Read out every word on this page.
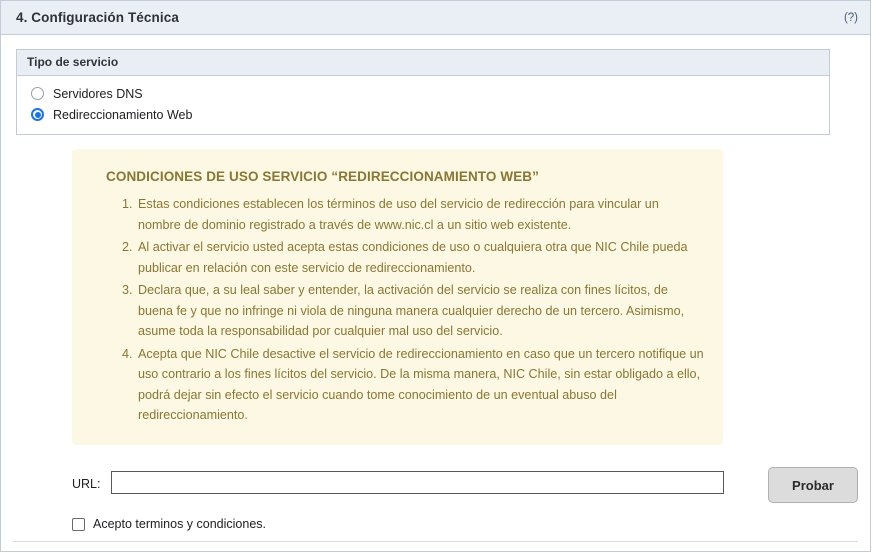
4. Configuración Técnica	(?)
Tipo de servicio
Servidores DNS
Redireccionamiento Web
CONDICIONES DE USO SERVICIO “REDIRECCIONAMIENTO WEB”
1. Estas condiciones establecen los términos de uso del servicio de redirección para vincular un nombre de dominio registrado a través de www.nic.cl a un sitio web existente.
2. Al activar el servicio usted acepta estas condiciones de uso o cualquiera otra que NIC Chile pueda publicar en relación con este servicio de redireccionamiento.
3. Declara que, a su leal saber y entender, la activación del servicio se realiza con fines lícitos, de buena fe y que no infringe ni viola de ninguna manera cualquier derecho de un tercero. Asimismo, asume toda la responsabilidad por cualquier mal uso del servicio.
4. Acepta que NIC Chile desactive el servicio de redireccionamiento en caso que un tercero notifique un uso contrario a los fines lícitos del servicio. De la misma manera, NIC Chile, sin estar obligado a ello, podrá dejar sin efecto el servicio cuando tome conocimiento de un eventual abuso del redireccionamiento.
URL:	Probar
Acepto terminos y condiciones.
